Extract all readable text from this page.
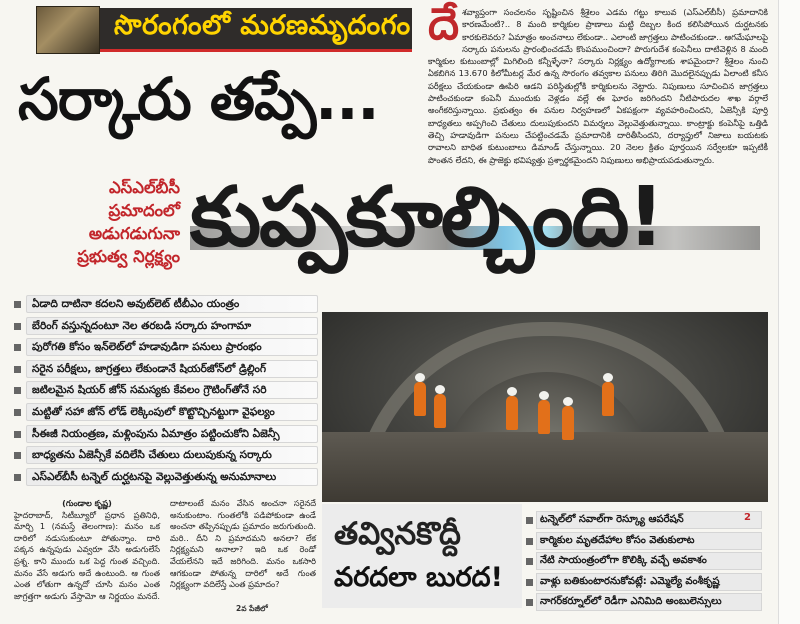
సొరంగంలో మరణమృదంగం
సర్కారు తప్పే...
దే శవ్యాప్తంగా సంచలనం సృష్టించిన శ్రీశైలం ఎడమ గట్టు కాలువ (ఎస్‌ఎల్‌బీసీ) ప్రమాదానికి కారణమేంటి?.. 8 మంది కార్మికుల ప్రాణాలు మట్టి దిబ్బల కింద కలిసిపోయిన దుర్ఘటనకు కారకులెవరు? ఏమాత్రం అంచనాలు లేకుండా.. ఎలాంటి జాగ్రత్తలు పాటించకుండా.. ఆగమేఘాలపై సర్కారు పనులను ప్రారంభించడమే కొంపముంచిందా? పొరుగుదేశ కంపెనీలు దాటివెళ్లిన 8 మంది కార్మికుల కుటుంబాల్లో మిగిలింది కన్నీళ్ళేనా? సర్కారు నిర్లక్ష్యం ఉద్యోగాలకు శాపమైందా? శ్రీశైలం నుంచి ఏకబిగిన 13.670 కిలోమీటర్ల మేర ఉన్న సొరంగం తవ్వకాల పనులు తిరిగి మొదలైనప్పుడు ఏలాంటి కనీస పరీక్షలు చేయకుండా ఊపిరి ఆడని పరిస్థితుల్లోకి కార్మికులను నెట్టారు. నిపుణులు సూచించిన జాగ్రత్తలు పాటించకుండా కంపెనీ ముందుకు వెళ్లడం వల్లే ఈ ఘోరం జరిగిందని నీటిపారుదల శాఖ వర్గాలే అంగీకరిస్తున్నాయి. ప్రభుత్వం ఈ పనుల నిర్వహణలో ఏకపక్షంగా వ్యవహరించిందని, ఏజెన్సీకి పూర్తి బాధ్యతలు అప్పగించి చేతులు దులుపుకుందని విమర్శలు వెల్లువెత్తుతున్నాయి. కాంట్రాక్టు కంపెనీపై ఒత్తిడి తెచ్చి హడావుడిగా పనులు చేపట్టించడమే ప్రమాదానికి దారితీసిందని, దర్యాప్తులో నిజాలు బయటకు రావాలని బాధిత కుటుంబాలు డిమాండ్ చేస్తున్నాయి. 20 నెలల క్రితం పూర్తయిన సర్వేలకూ ఇప్పటికీ పొంతన లేదని, ఈ ప్రాజెక్టు భవిష్యత్తు ప్రశ్నార్థకమైందని నిపుణులు అభిప్రాయపడుతున్నారు.
ఎస్‌ఎల్‌బీసీ ప్రమాదంలో అడుగడుగునా ప్రభుత్వ నిర్లక్ష్యం కుప్పకూల్చింది!
ఏడాది దాటినా కదలని అవుట్‌లెట్ టీబీఎం యంత్రం
బేరింగ్ వస్తున్నదంటూ నెల తరబడి సర్కారు హంగామా
పురోగతి కోసం ఇన్‌లెట్‌లో హడావుడిగా పనులు ప్రారంభం
సరైన పరీక్షలు, జాగ్రత్తలు లేకుండానే షియర్‌జోన్‌లో డ్రిల్లింగ్
జటిలమైన షియర్ జోన్ సమస్యకు కేవలం గ్రౌటింగ్‌తోనే సరి
మట్టితో సహా జోన్ లోడ్ లెక్కింపులో కొట్టొచ్చినట్టుగా వైఫల్యం
సీఈజీ నియంత్రణ, మళ్లింపును ఏమాత్రం పట్టించుకోని ఏజెన్సీ
బాధ్యతను ఏజెన్సీకే వదిలేసి చేతులు దులుపుకున్న సర్కారు
ఎస్‌ఎల్‌బీసీ టన్నెల్ దుర్ఘటనపై వెల్లువెత్తుతున్న అనుమానాలు
తవ్వినకొద్దీ
వరదలా బురద!
టన్నెల్‌లో సవాల్‌గా రెస్క్యూ ఆపరేషన్	2
కార్మికుల మృతదేహాల కోసం వెతుకులాట
నేటి సాయంత్రంలోగా కొలిక్కి వచ్చే అవకాశం
వాళ్లు బతికుంటారనుకోవట్లే: ఎమ్మెల్యే వంశీకృష్ణ
నాగర్‌కర్నూల్‌లో రెడీగా ఎనిమిది అంబులెన్సులు
(గుండాల కృష్ణ)
హైదరాబాద్, సిటీబ్యూరో ప్రధాన ప్రతినిధి, మార్చి 1 (నమస్తే తెలంగాణ): మనం ఒక దారిలో నడుసుకుంటూ పోతున్నాం. దారి పక్కన ఉన్నపుడు ఎవ్వరూ వేసి అడుగులేసే ప్రశ్న. కాని ముందు ఒక పెద్ద గుంత వచ్చింది. మనం వేసే అడుగు అదే ఉంటుంది. ఆ గుంత ఎంత లోతుగా ఉన్నదో చూసి మనం ఎంత జాగ్రత్తగా అడుగు వేస్తామో ఆ నిర్ణయం మనదే. దాటాలంటే మనం వేసిన అంచనా సరైనదే అనుకుంటాం. గుంతలోకి పడిపోకుండా ఉండే అంచనా తప్పినప్పుడు ప్రమాదం జరుగుతుంది. మరి.. దీని ని ప్రమాదమని అనలా? లేక నిర్లక్ష్యమని అనాలా? ఇది ఒక రెండో వేయలేనని ఇదే జరిగింది. మనం ఒకసారి ఆగకుండా పోతున్న దారిలో అదే గుంత నిర్లక్ష్యంగా వదిలేస్తే ఎంత ప్రమాదం?
2వ పేజీలో
